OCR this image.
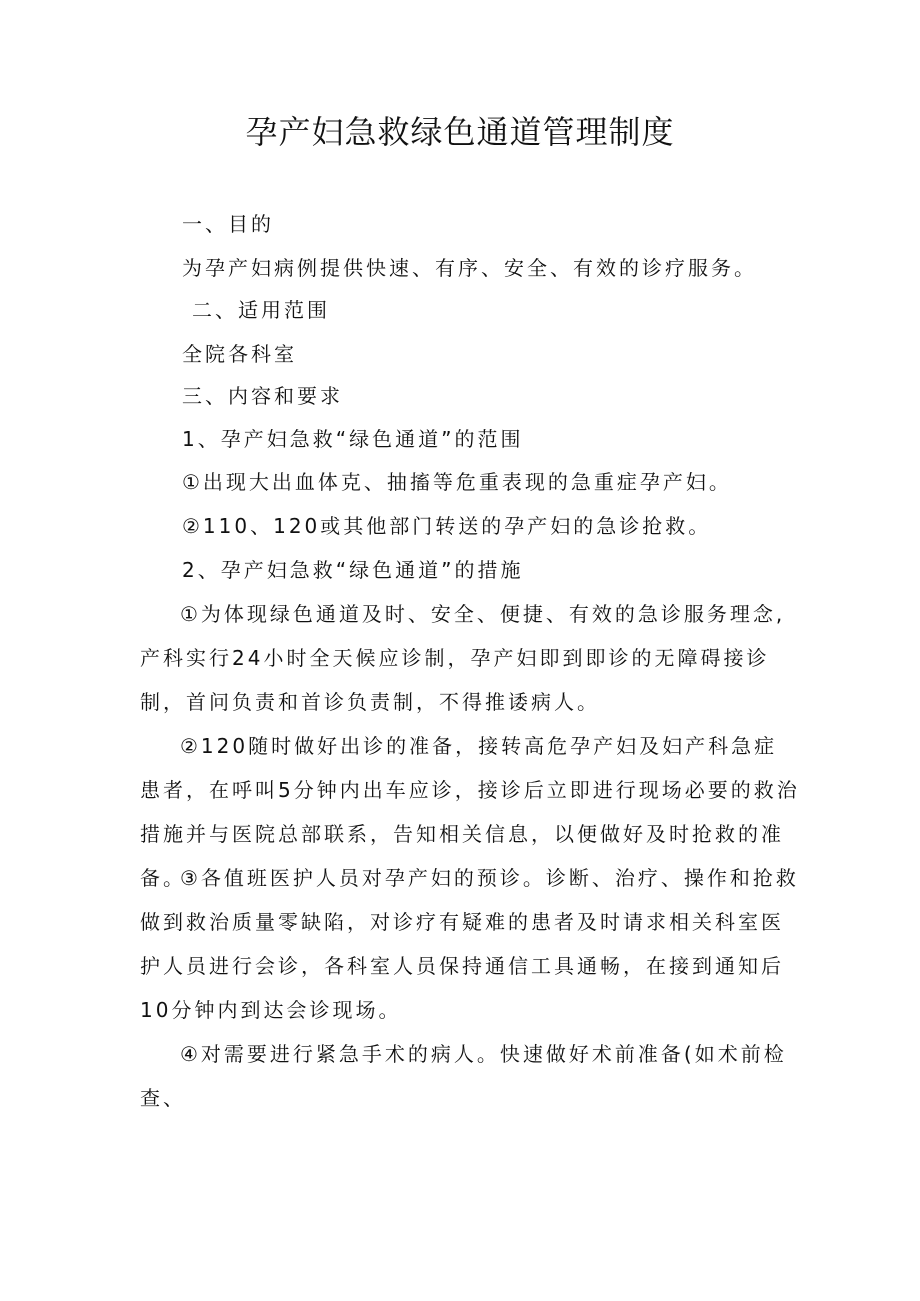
孕产妇急救绿色通道管理制度
一、目的
为孕产妇病例提供快速、有序、安全、有效的诊疗服务。
二、适用范围
全院各科室
三、内容和要求
1、孕产妇急救“绿色通道”的范围
①出现大出血体克、抽搐等危重表现的急重症孕产妇。
②110、120或其他部门转送的孕产妇的急诊抢救。
2、孕产妇急救“绿色通道”的措施
①为体现绿色通道及时、安全、便捷、有效的急诊服务理念,产科实行24小时全天候应诊制，孕产妇即到即诊的无障碍接诊制，首问负责和首诊负责制，不得推诿病人。
②120随时做好出诊的准备，接转高危孕产妇及妇产科急症患者，在呼叫5分钟内出车应诊，接诊后立即进行现场必要的救治措施并与医院总部联系，告知相关信息，以便做好及时抢救的准备。
③各值班医护人员对孕产妇的预诊。诊断、治疗、操作和抢救做到救治质量零缺陷，对诊疗有疑难的患者及时请求相关科室医护人员进行会诊，各科室人员保持通信工具通畅，在接到通知后10分钟内到达会诊现场。
④对需要进行紧急手术的病人。快速做好术前准备(如术前检查、
